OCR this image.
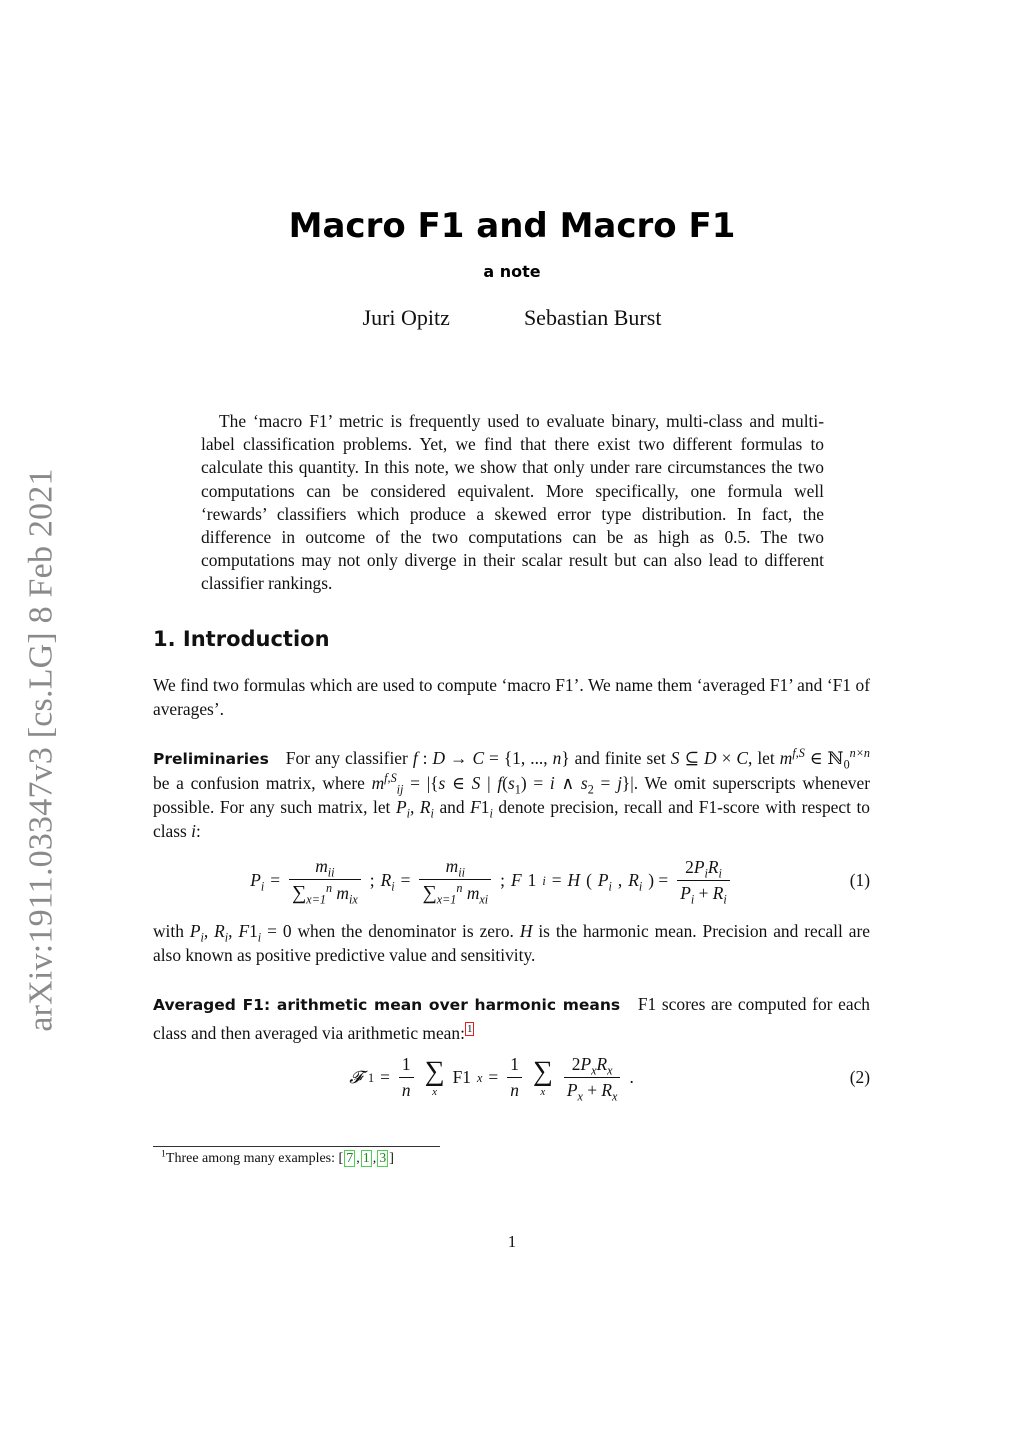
arXiv:1911.03347v3 [cs.LG] 8 Feb 2021
Macro F1 and Macro F1
a note
Juri Opitz	Sebastian Burst
The ‘macro F1’ metric is frequently used to evaluate binary, multi-class and multi-label classification problems. Yet, we find that there exist two different formulas to calculate this quantity. In this note, we show that only under rare circumstances the two computations can be considered equivalent. More specifically, one formula well ‘rewards’ classifiers which produce a skewed error type distribution. In fact, the difference in outcome of the two computations can be as high as 0.5. The two computations may not only diverge in their scalar result but can also lead to different classifier rankings.
1. Introduction
We find two formulas which are used to compute ‘macro F1’. We name them ‘averaged F1’ and ‘F1 of averages’.
Preliminaries For any classifier f : D → C = {1, ..., n} and finite set S ⊆ D × C, let $m^{f,S}$ ∈ ℕ$_0^{n\times n}$ be a confusion matrix, where $m^{f,S}_{ij} = |\{s$ ∈ S | $f(s_1) = i$ ∧ $s_2 = j\}|$. We omit superscripts whenever possible. For any such matrix, let $P_i$, $R_i$ and $F1_i$ denote precision, recall and F1-score with respect to class i:
$P_i = \frac{m_{ii}}{\sum_{x=1}^n m_{ix}}$ ; $R_i = \frac{m_{ii}}{\sum_{x=1}^n m_{xi}}$ ; F 1 i = H ( $P_i$ , $R_i$ ) = $\frac{2P_iR_i}{P_i + R_i}$	(1)
with $P_i$, $R_i$, $F1_i = 0$ when the denominator is zero. H is the harmonic mean. Precision and recall are also known as positive predictive value and sensitivity.
Averaged F1: arithmetic mean over harmonic means F1 scores are computed for each class and then averaged via arithmetic mean: $^1$
𝓕 $1 = \frac{1}{n}$ ∑
x
F1 $x = \frac{1}{n}$ ∑
x $\frac{2P_xR_x}{P_x + R_x}$ .	(2)
$^1$Three among many examples: [ 7 , 1 , 3 ]
1
